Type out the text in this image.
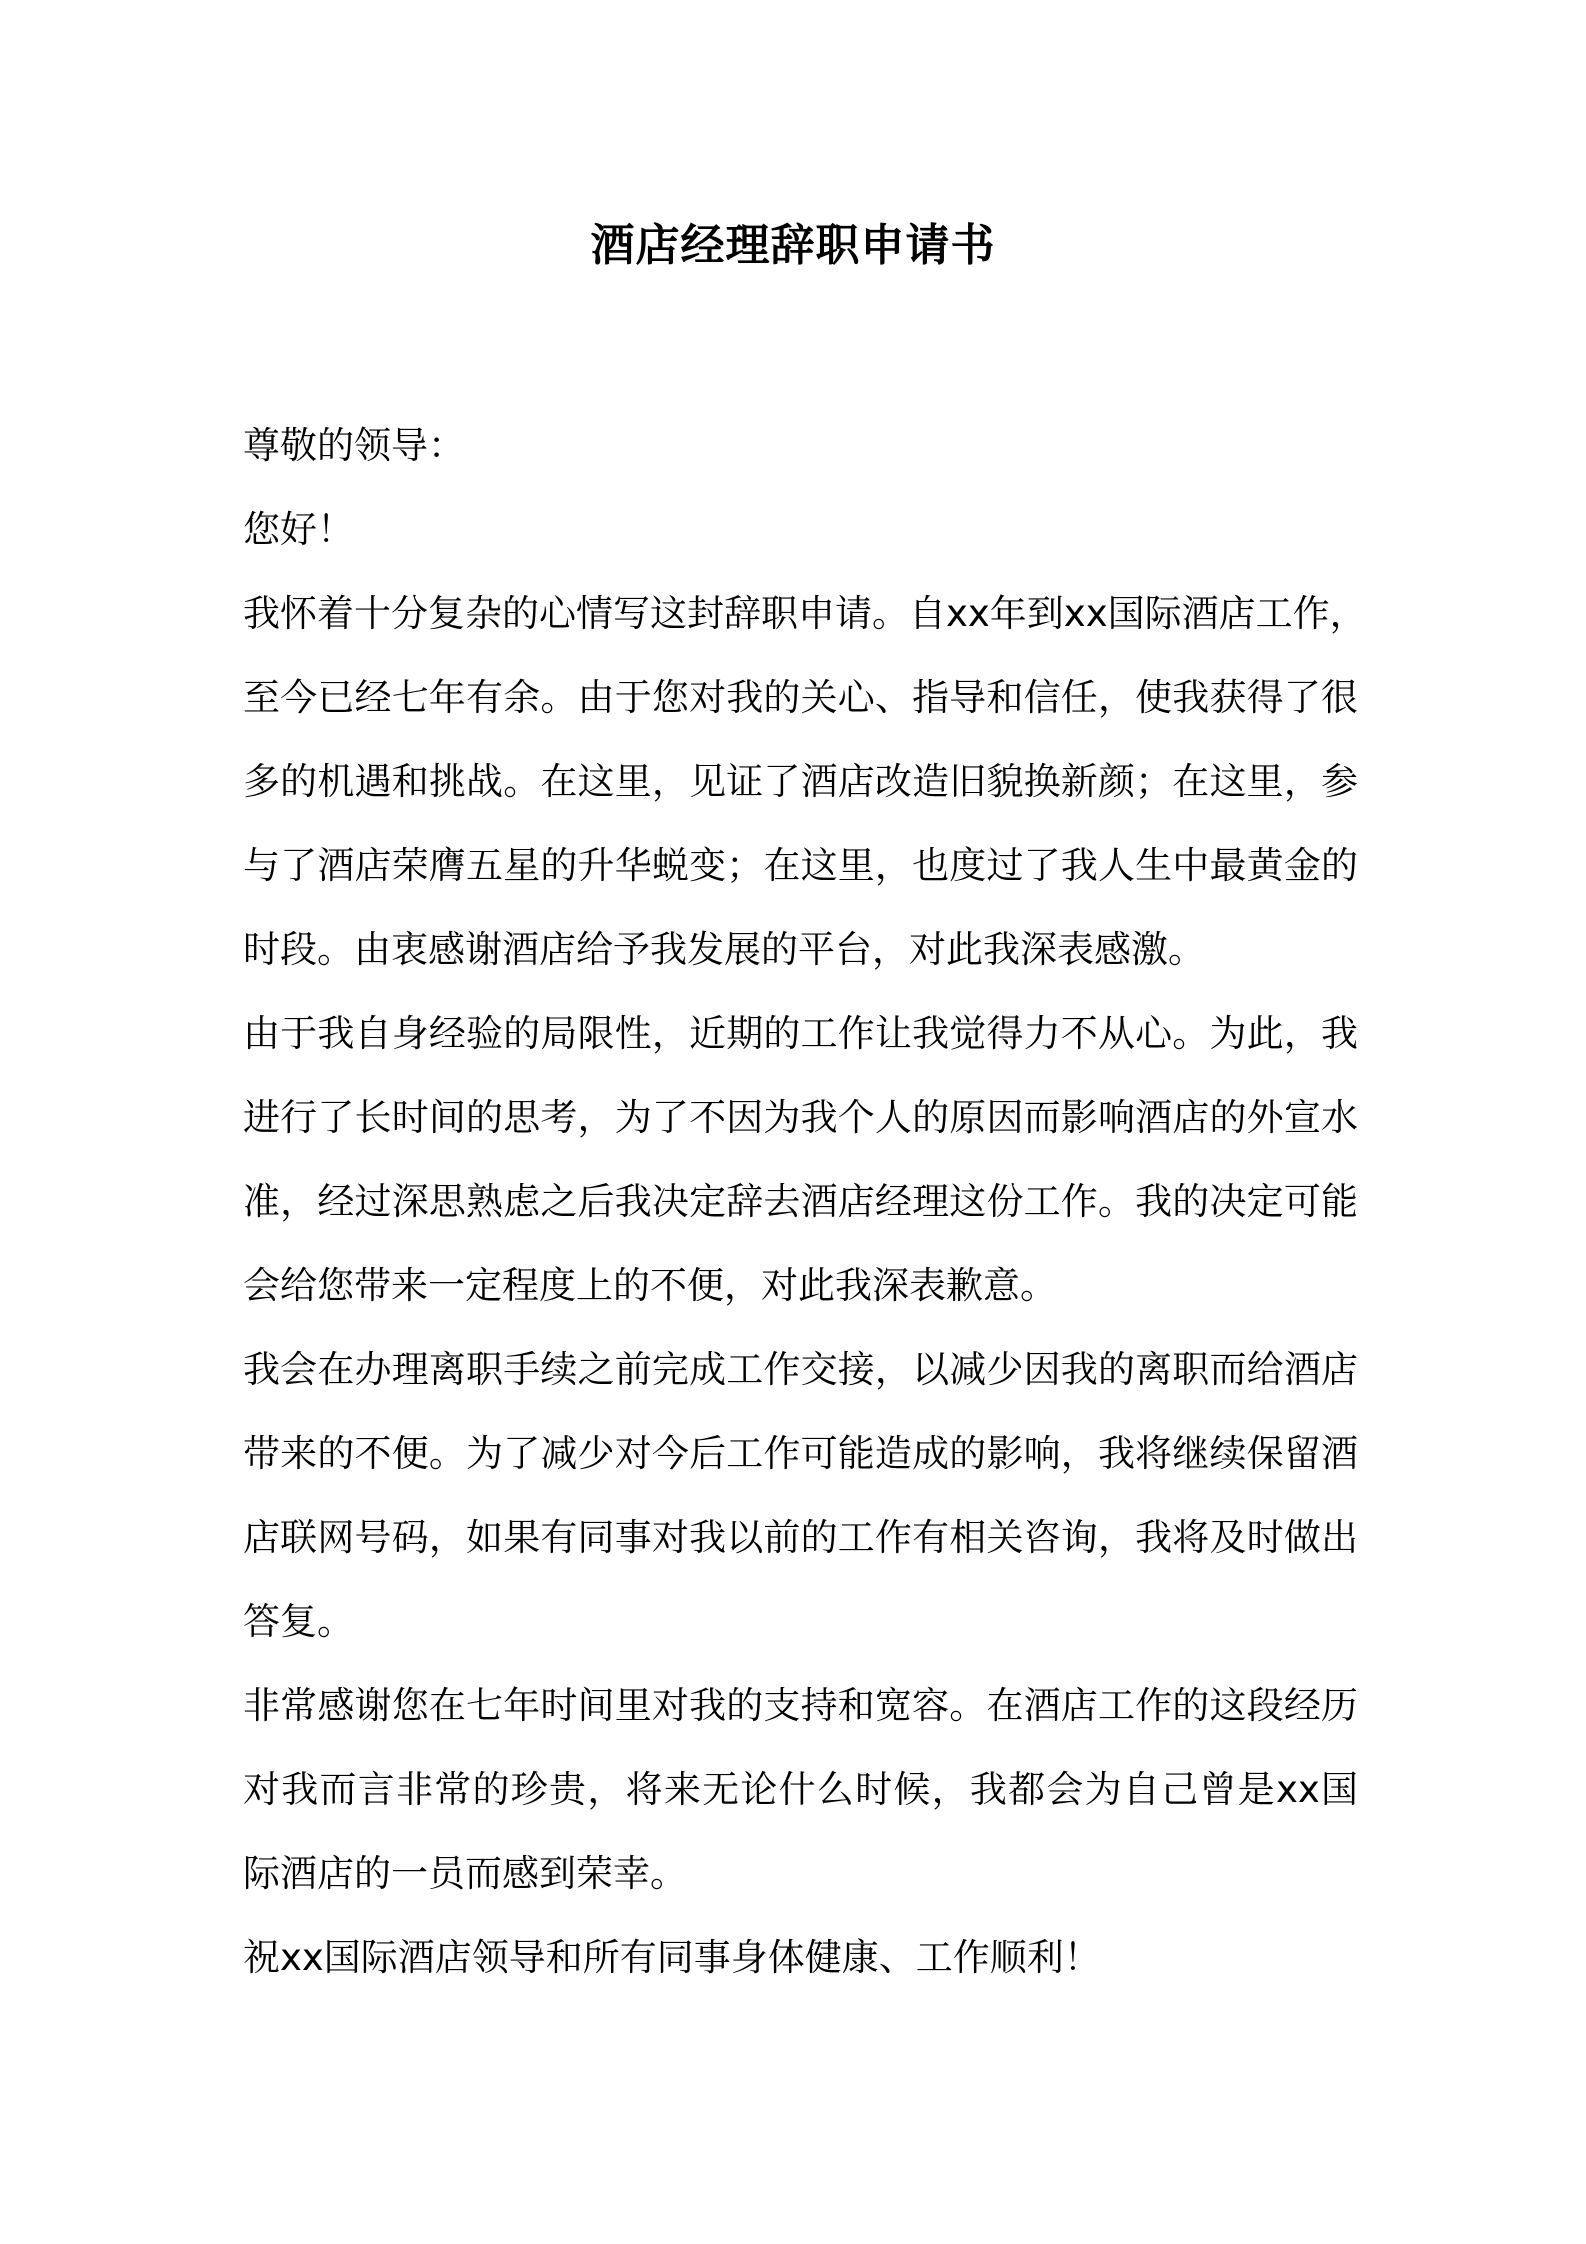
酒店经理辞职申请书

尊敬的领导：

您好！

我怀着十分复杂的心情写这封辞职申请。自xx年到xx国际酒店工作，

至今已经七年有余。由于您对我的关心、指导和信任，使我获得了很

多的机遇和挑战。在这里，见证了酒店改造旧貌换新颜；在这里，参

与了酒店荣膺五星的升华蜕变；在这里，也度过了我人生中最黄金的

时段。由衷感谢酒店给予我发展的平台，对此我深表感激。

由于我自身经验的局限性，近期的工作让我觉得力不从心。为此，我

进行了长时间的思考，为了不因为我个人的原因而影响酒店的外宣水

准，经过深思熟虑之后我决定辞去酒店经理这份工作。我的决定可能

会给您带来一定程度上的不便，对此我深表歉意。

我会在办理离职手续之前完成工作交接，以减少因我的离职而给酒店

带来的不便。为了减少对今后工作可能造成的影响，我将继续保留酒

店联网号码，如果有同事对我以前的工作有相关咨询，我将及时做出

答复。

非常感谢您在七年时间里对我的支持和宽容。在酒店工作的这段经历

对我而言非常的珍贵，将来无论什么时候，我都会为自己曾是xx国

际酒店的一员而感到荣幸。

祝xx国际酒店领导和所有同事身体健康、工作顺利！
